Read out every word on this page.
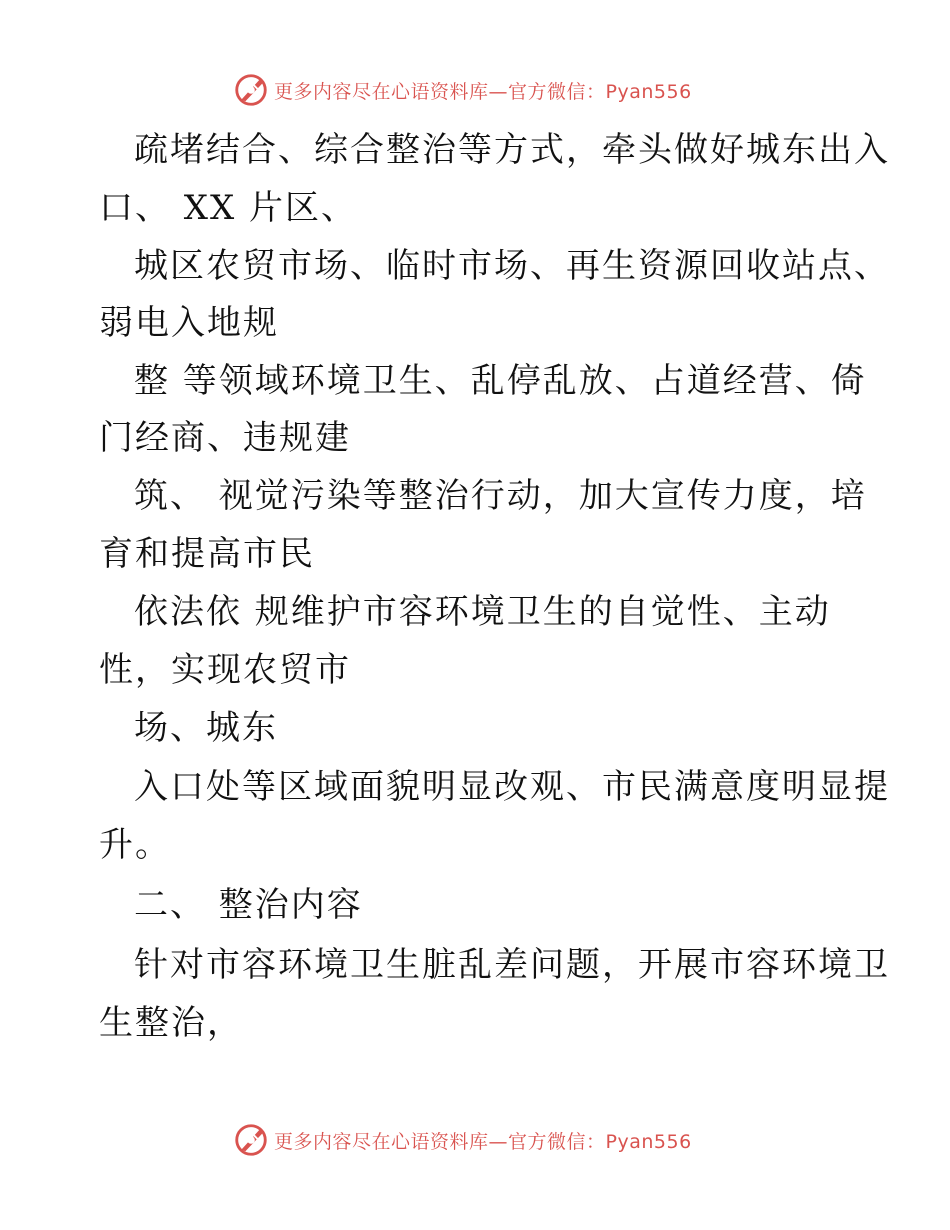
更多内容尽在心语资料库—官方微信：Pyan556
疏堵结合、综合整治等方式，牵头做好城东出入
口、 XX 片区、
城区农贸市场、临时市场、再生资源回收站点、
弱电入地规
整 等领域环境卫生、乱停乱放、占道经营、倚
门经商、违规建
筑、 视觉污染等整治行动，加大宣传力度，培
育和提高市民
依法依 规维护市容环境卫生的自觉性、主动
性，实现农贸市
场、城东
入口处等区域面貌明显改观、市民满意度明显提
升。
二、 整治内容
针对市容环境卫生脏乱差问题，开展市容环境卫
生整治，
更多内容尽在心语资料库—官方微信：Pyan556
